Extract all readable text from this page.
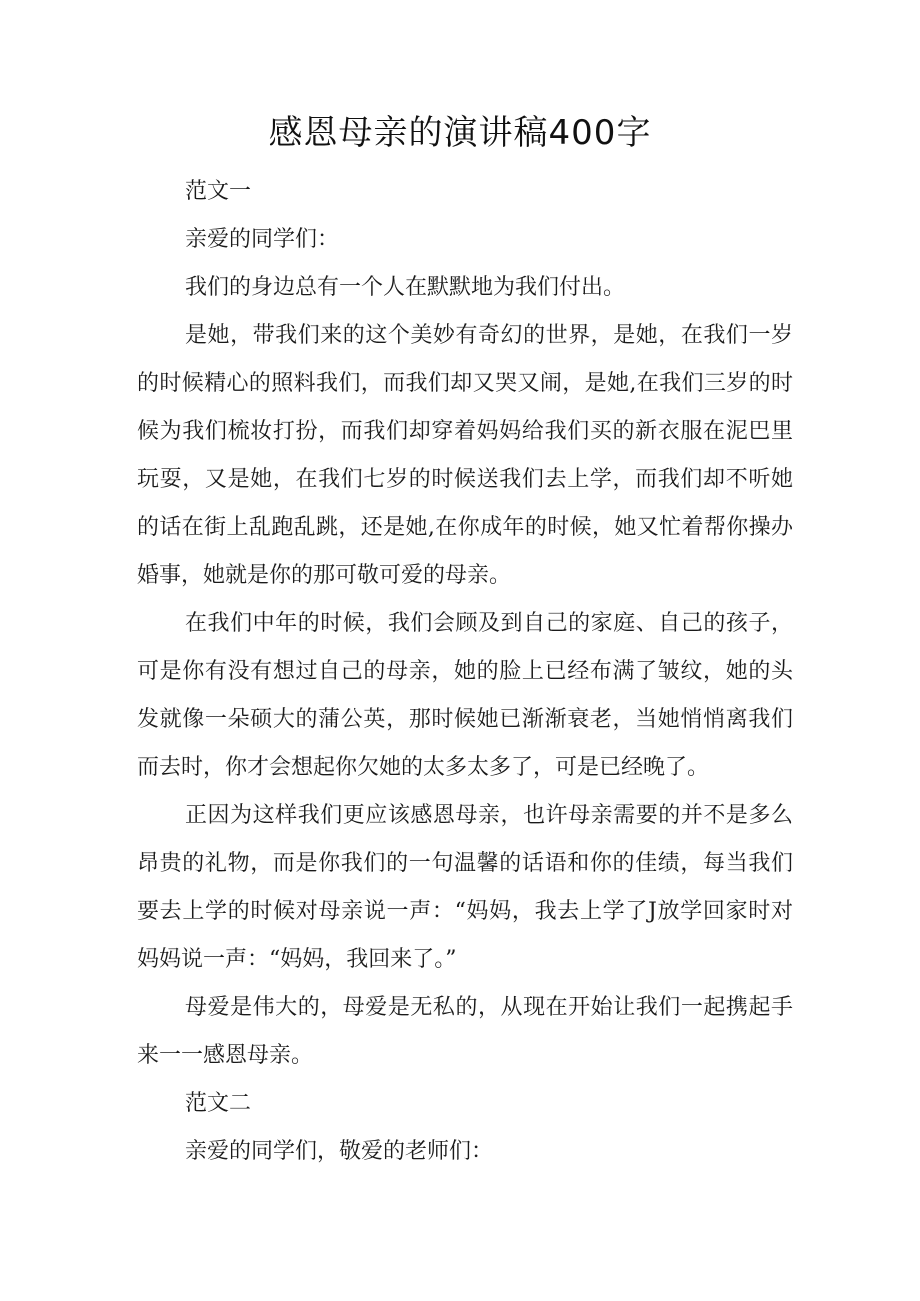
感恩母亲的演讲稿400字

范文一

亲爱的同学们：

我们的身边总有一个人在默默地为我们付出。

是她，带我们来的这个美妙有奇幻的世界，是她，在我们一岁的时候精心的照料我们，而我们却又哭又闹，是她,在我们三岁的时候为我们梳妆打扮，而我们却穿着妈妈给我们买的新衣服在泥巴里玩耍，又是她，在我们七岁的时候送我们去上学，而我们却不听她的话在街上乱跑乱跳，还是她,在你成年的时候，她又忙着帮你操办婚事，她就是你的那可敬可爱的母亲。

在我们中年的时候，我们会顾及到自己的家庭、自己的孩子，可是你有没有想过自己的母亲，她的脸上已经布满了皱纹，她的头发就像一朵硕大的蒲公英，那时候她已渐渐衰老，当她悄悄离我们而去时，你才会想起你欠她的太多太多了，可是已经晚了。

正因为这样我们更应该感恩母亲，也许母亲需要的并不是多么昂贵的礼物，而是你我们的一句温馨的话语和你的佳绩，每当我们要去上学的时候对母亲说一声：“妈妈，我去上学了J放学回家时对妈妈说一声：“妈妈，我回来了。”

母爱是伟大的，母爱是无私的，从现在开始让我们一起携起手来一一感恩母亲。

范文二

亲爱的同学们，敬爱的老师们：
